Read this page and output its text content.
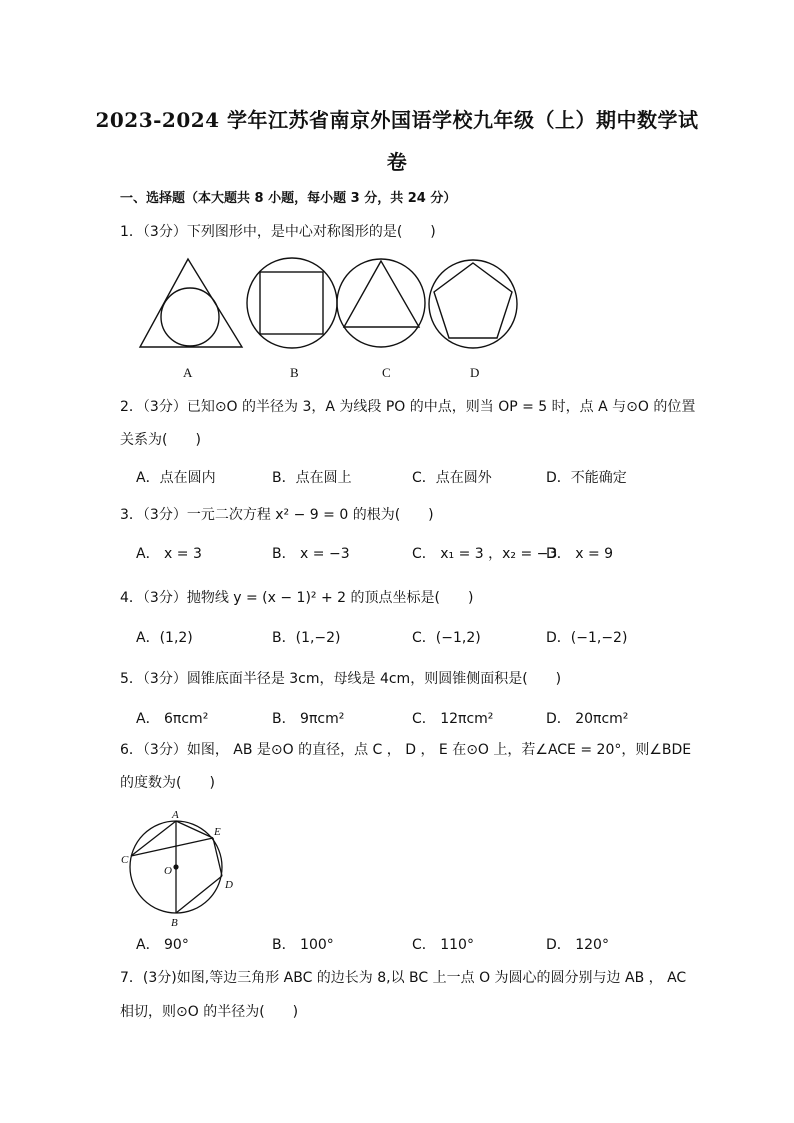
2023-2024 学年江苏省南京外国语学校九年级（上）期中数学试
卷
一、选择题（本大题共 8 小题，每小题 3 分，共 24 分）
1．（3分）下列图形中，是中心对称图形的是(　　)
A	B	C	D
2．（3分）已知⊙O 的半径为 3，A 为线段 PO 的中点，则当 OP = 5 时，点 A 与⊙O 的位置
关系为(　　)
A．点在圆内	B．点在圆上	C．点在圆外	D．不能确定
3．（3分）一元二次方程 x² − 9 = 0 的根为(　　)
A． x = 3	B． x = −3	C． x₁ = 3 ，x₂ = −3
D． x = 9
4．（3分）抛物线 y = (x − 1)² + 2 的顶点坐标是(　　)
A．(1,2)	B．(1,−2)	C．(−1,2)	D．(−1,−2)
5．（3分）圆锥底面半径是 3cm，母线是 4cm，则圆锥侧面积是(　　)
A． 6πcm²	B． 9πcm²	C． 12πcm²	D． 20πcm²
6．（3分）如图， AB 是⊙O 的直径，点 C ， D ， E 在⊙O 上，若∠ACE = 20°，则∠BDE
的度数为(　　)
A
B
C
D
E
O
A． 90°	B． 100°	C． 110°	D． 120°
7．(3分)如图,等边三角形 ABC 的边长为 8,以 BC 上一点 O 为圆心的圆分别与边 AB ， AC
相切，则⊙O 的半径为(　　)
